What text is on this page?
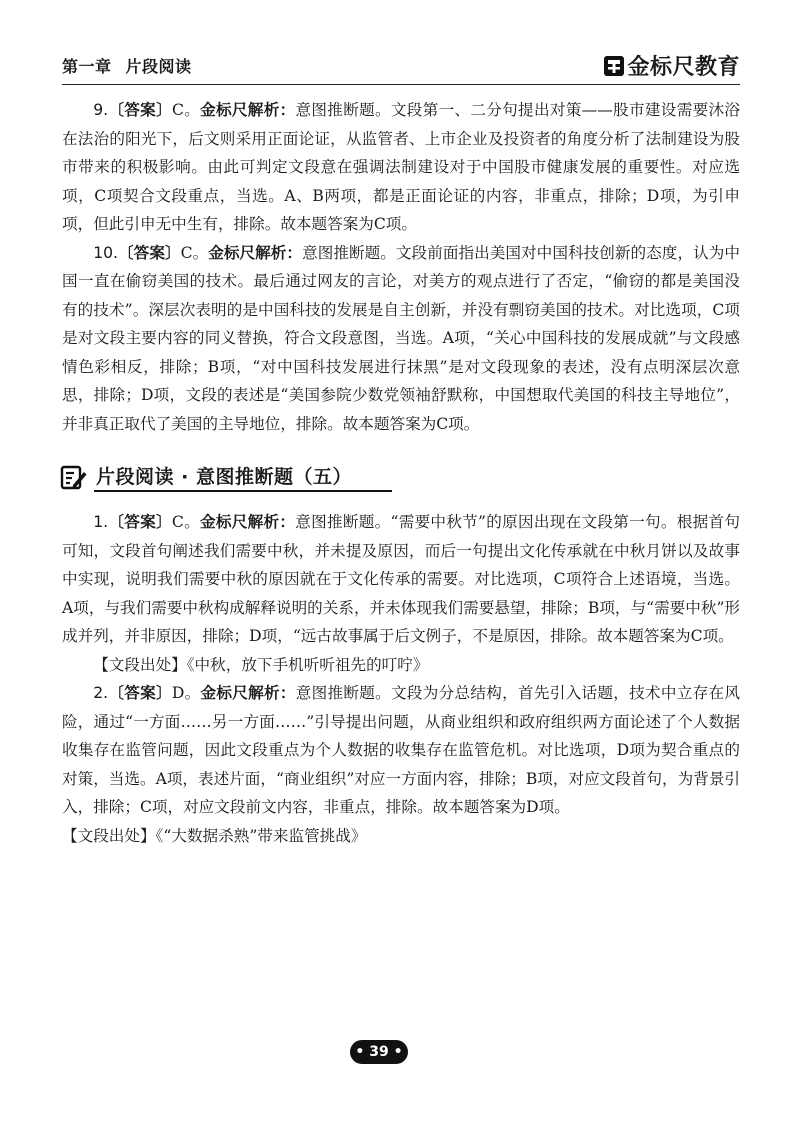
第一章 片段阅读	金标尺教育

9.〔答案〕C。金标尺解析：意图推断题。文段第一、二分句提出对策——股市建设需要沐浴在法治的阳光下，后文则采用正面论证，从监管者、上市企业及投资者的角度分析了法制建设为股市带来的积极影响。由此可判定文段意在强调法制建设对于中国股市健康发展的重要性。对应选项，C项契合文段重点，当选。A、B两项，都是正面论证的内容，非重点，排除；D项，为引申项，但此引申无中生有，排除。故本题答案为C项。

10.〔答案〕C。金标尺解析：意图推断题。文段前面指出美国对中国科技创新的态度，认为中国一直在偷窃美国的技术。最后通过网友的言论，对美方的观点进行了否定，“偷窃的都是美国没有的技术”。深层次表明的是中国科技的发展是自主创新，并没有剽窃美国的技术。对比选项，C项是对文段主要内容的同义替换，符合文段意图，当选。A项，“关心中国科技的发展成就”与文段感情色彩相反，排除；B项，“对中国科技发展进行抹黑”是对文段现象的表述，没有点明深层次意思，排除；D项，文段的表述是“美国参院少数党领袖舒默称，中国想取代美国的科技主导地位”，并非真正取代了美国的主导地位，排除。故本题答案为C项。

片段阅读 · 意图推断题（五）

1.〔答案〕C。金标尺解析：意图推断题。“需要中秋节”的原因出现在文段第一句。根据首句可知，文段首句阐述我们需要中秋，并未提及原因，而后一句提出文化传承就在中秋月饼以及故事中实现，说明我们需要中秋的原因就在于文化传承的需要。对比选项，C项符合上述语境，当选。A项，与我们需要中秋构成解释说明的关系，并未体现我们需要悬望，排除；B项，与“需要中秋”形成并列，并非原因，排除；D项，“远古故事属于后文例子，不是原因，排除。故本题答案为C项。

【文段出处】《中秋，放下手机听听祖先的叮咛》

2.〔答案〕D。金标尺解析：意图推断题。文段为分总结构，首先引入话题，技术中立存在风险，通过“一方面……另一方面……”引导提出问题，从商业组织和政府组织两方面论述了个人数据收集存在监管问题，因此文段重点为个人数据的收集存在监管危机。对比选项，D项为契合重点的对策，当选。A项，表述片面，“商业组织”对应一方面内容，排除；B项，对应文段首句，为背景引入，排除；C项，对应文段前文内容，非重点，排除。故本题答案为D项。

【文段出处】《“大数据杀熟”带来监管挑战》

• 39 •
